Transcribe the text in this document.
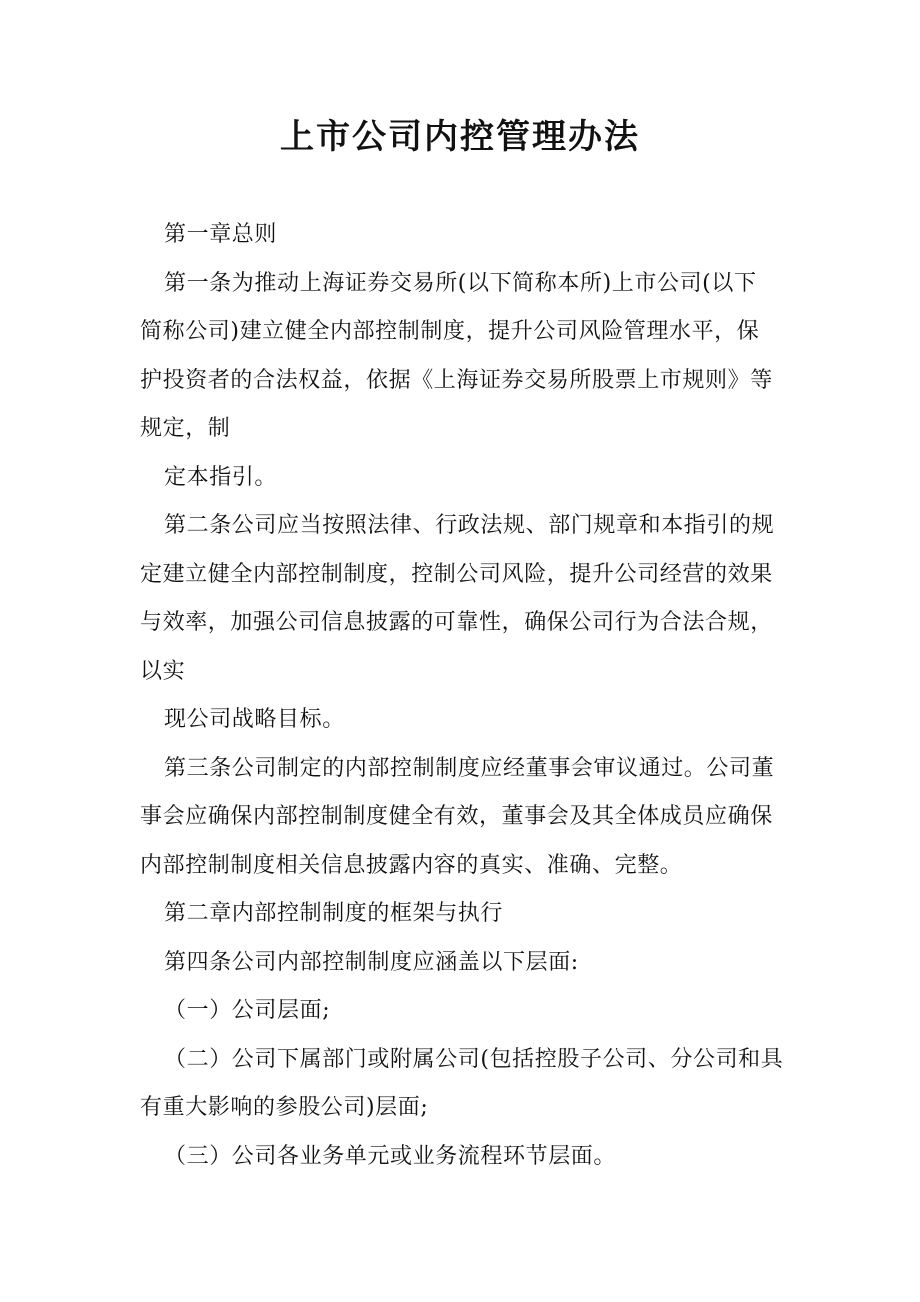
上市公司内控管理办法

第一章总则

第一条为推动上海证券交易所(以下简称本所)上市公司(以下

简称公司)建立健全内部控制制度，提升公司风险管理水平，保

护投资者的合法权益，依据《上海证券交易所股票上市规则》等

规定，制

定本指引。

第二条公司应当按照法律、行政法规、部门规章和本指引的规

定建立健全内部控制制度，控制公司风险，提升公司经营的效果

与效率，加强公司信息披露的可靠性，确保公司行为合法合规，

以实

现公司战略目标。

第三条公司制定的内部控制制度应经董事会审议通过。公司董

事会应确保内部控制制度健全有效，董事会及其全体成员应确保

内部控制制度相关信息披露内容的真实、准确、完整。

第二章内部控制制度的框架与执行

第四条公司内部控制制度应涵盖以下层面:

（一）公司层面;

（二）公司下属部门或附属公司(包括控股子公司、分公司和具

有重大影响的参股公司)层面;

（三）公司各业务单元或业务流程环节层面。
